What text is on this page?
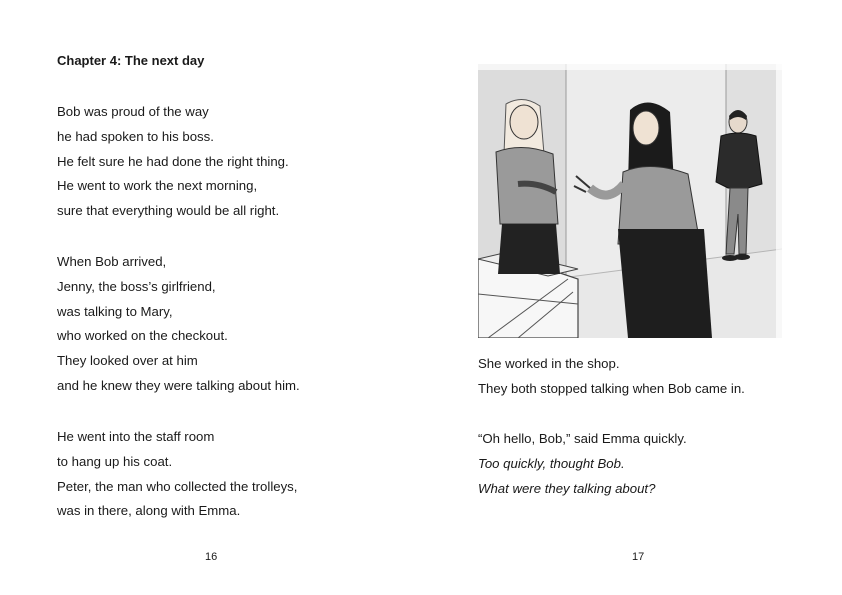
Chapter 4: The next day
Bob was proud of the way
he had spoken to his boss.
He felt sure he had done the right thing.
He went to work the next morning,
sure that everything would be all right.
When Bob arrived,
Jenny, the boss’s girlfriend,
was talking to Mary,
who worked on the checkout.
They looked over at him
and he knew they were talking about him.
He went into the staff room
to hang up his coat.
Peter, the man who collected the trolleys,
was in there, along with Emma.
16
She worked in the shop.
They both stopped talking when Bob came in.
“Oh hello, Bob,” said Emma quickly.
Too quickly, thought Bob.
What were they talking about?
17
